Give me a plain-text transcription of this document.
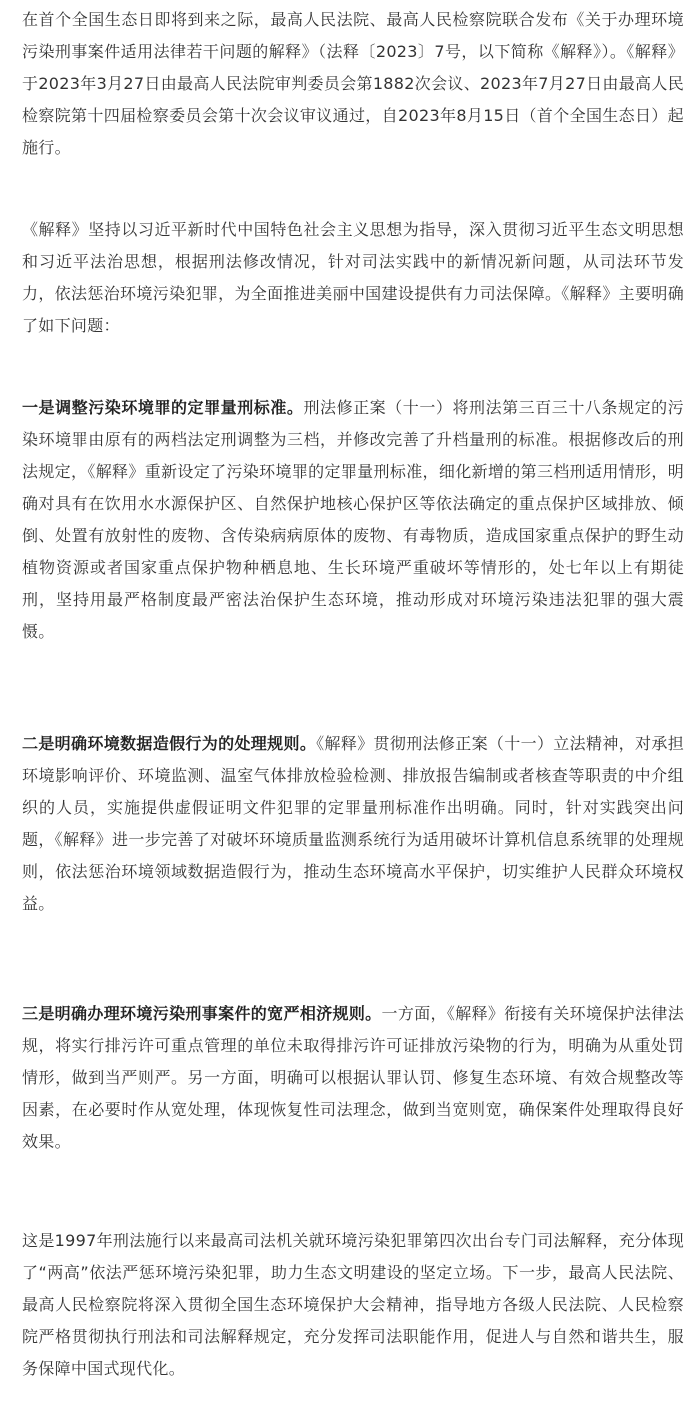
在首个全国生态日即将到来之际，最高人民法院、最高人民检察院联合发布《关于办理环境污染刑事案件适用法律若干问题的解释》（法释〔2023〕7号，以下简称《解释》）。《解释》于2023年3月27日由最高人民法院审判委员会第1882次会议、2023年7月27日由最高人民检察院第十四届检察委员会第十次会议审议通过，自2023年8月15日（首个全国生态日）起施行。

《解释》坚持以习近平新时代中国特色社会主义思想为指导，深入贯彻习近平生态文明思想和习近平法治思想，根据刑法修改情况，针对司法实践中的新情况新问题，从司法环节发力，依法惩治环境污染犯罪，为全面推进美丽中国建设提供有力司法保障。《解释》主要明确了如下问题：

一是调整污染环境罪的定罪量刑标准。刑法修正案（十一）将刑法第三百三十八条规定的污染环境罪由原有的两档法定刑调整为三档，并修改完善了升档量刑的标准。根据修改后的刑法规定，《解释》重新设定了污染环境罪的定罪量刑标准，细化新增的第三档刑适用情形，明确对具有在饮用水水源保护区、自然保护地核心保护区等依法确定的重点保护区域排放、倾倒、处置有放射性的废物、含传染病病原体的废物、有毒物质，造成国家重点保护的野生动植物资源或者国家重点保护物种栖息地、生长环境严重破坏等情形的，处七年以上有期徒刑，坚持用最严格制度最严密法治保护生态环境，推动形成对环境污染违法犯罪的强大震慑。

二是明确环境数据造假行为的处理规则。《解释》贯彻刑法修正案（十一）立法精神，对承担环境影响评价、环境监测、温室气体排放检验检测、排放报告编制或者核查等职责的中介组织的人员，实施提供虚假证明文件犯罪的定罪量刑标准作出明确。同时，针对实践突出问题，《解释》进一步完善了对破坏环境质量监测系统行为适用破坏计算机信息系统罪的处理规则，依法惩治环境领域数据造假行为，推动生态环境高水平保护，切实维护人民群众环境权益。

三是明确办理环境污染刑事案件的宽严相济规则。一方面，《解释》衔接有关环境保护法律法规，将实行排污许可重点管理的单位未取得排污许可证排放污染物的行为，明确为从重处罚情形，做到当严则严。另一方面，明确可以根据认罪认罚、修复生态环境、有效合规整改等因素，在必要时作从宽处理，体现恢复性司法理念，做到当宽则宽，确保案件处理取得良好效果。

这是1997年刑法施行以来最高司法机关就环境污染犯罪第四次出台专门司法解释，充分体现了“两高”依法严惩环境污染犯罪，助力生态文明建设的坚定立场。下一步，最高人民法院、最高人民检察院将深入贯彻全国生态环境保护大会精神，指导地方各级人民法院、人民检察院严格贯彻执行刑法和司法解释规定，充分发挥司法职能作用，促进人与自然和谐共生，服务保障中国式现代化。
